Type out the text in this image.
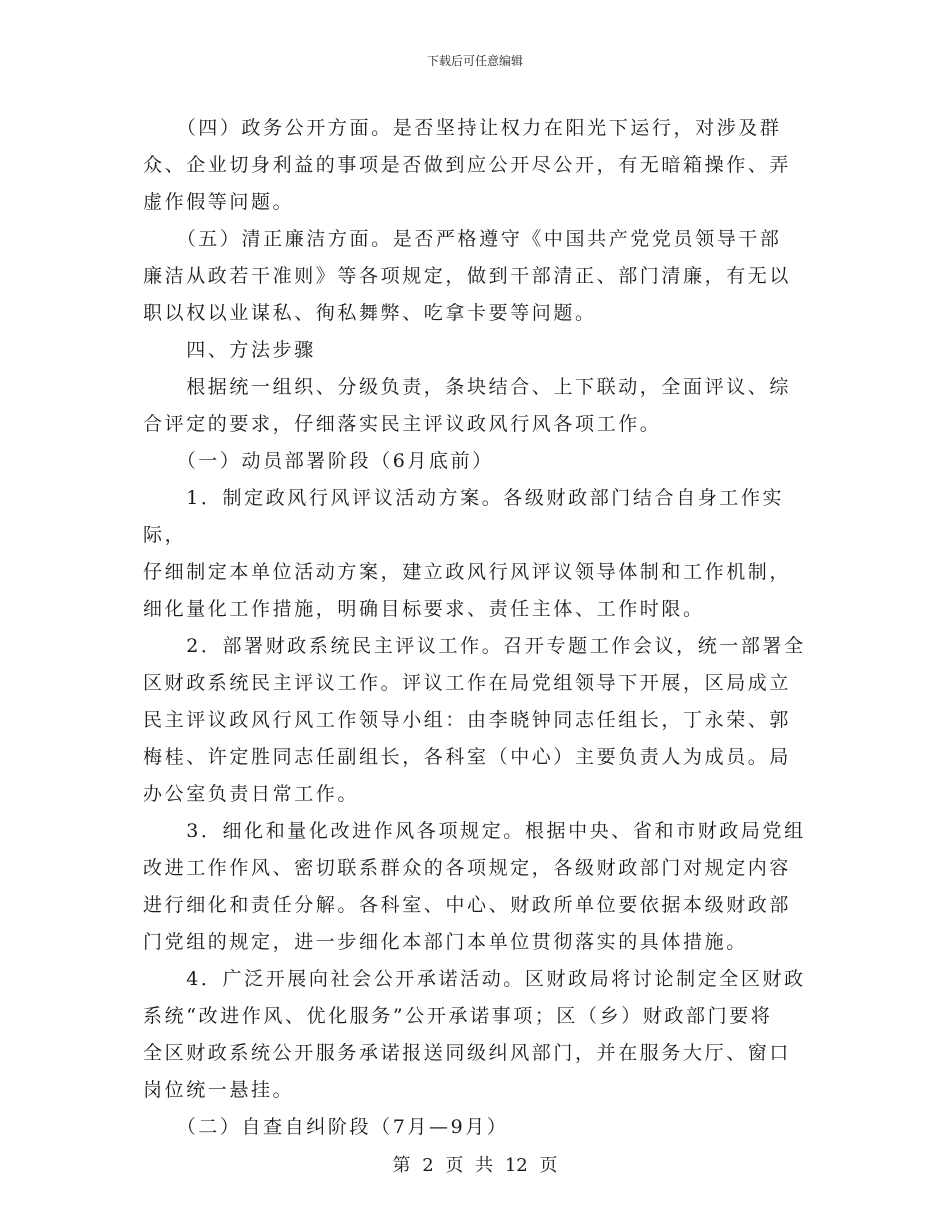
下载后可任意编辑

　　（四）政务公开方面。是否坚持让权力在阳光下运行，对涉及群

众、企业切身利益的事项是否做到应公开尽公开，有无暗箱操作、弄

虚作假等问题。

　　（五）清正廉洁方面。是否严格遵守《中国共产党党员领导干部

廉洁从政若干准则》等各项规定，做到干部清正、部门清廉，有无以

职以权以业谋私、徇私舞弊、吃拿卡要等问题。

　　四、方法步骤

　　根据统一组织、分级负责，条块结合、上下联动，全面评议、综

合评定的要求，仔细落实民主评议政风行风各项工作。

　　（一）动员部署阶段（6月底前）

　　1．制定政风行风评议活动方案。各级财政部门结合自身工作实际，

仔细制定本单位活动方案，建立政风行风评议领导体制和工作机制，

细化量化工作措施，明确目标要求、责任主体、工作时限。

　　2．部署财政系统民主评议工作。召开专题工作会议，统一部署全

区财政系统民主评议工作。评议工作在局党组领导下开展，区局成立

民主评议政风行风工作领导小组：由李晓钟同志任组长，丁永荣、郭

梅桂、许定胜同志任副组长，各科室（中心）主要负责人为成员。局

办公室负责日常工作。

　　3．细化和量化改进作风各项规定。根据中央、省和市财政局党组

改进工作作风、密切联系群众的各项规定，各级财政部门对规定内容

进行细化和责任分解。各科室、中心、财政所单位要依据本级财政部

门党组的规定，进一步细化本部门本单位贯彻落实的具体措施。

　　4．广泛开展向社会公开承诺活动。区财政局将讨论制定全区财政

系统“改进作风、优化服务”公开承诺事项；区（乡）财政部门要将

全区财政系统公开服务承诺报送同级纠风部门，并在服务大厅、窗口

岗位统一悬挂。

　　（二）自查自纠阶段（7月—9月）

第 2 页 共 12 页
